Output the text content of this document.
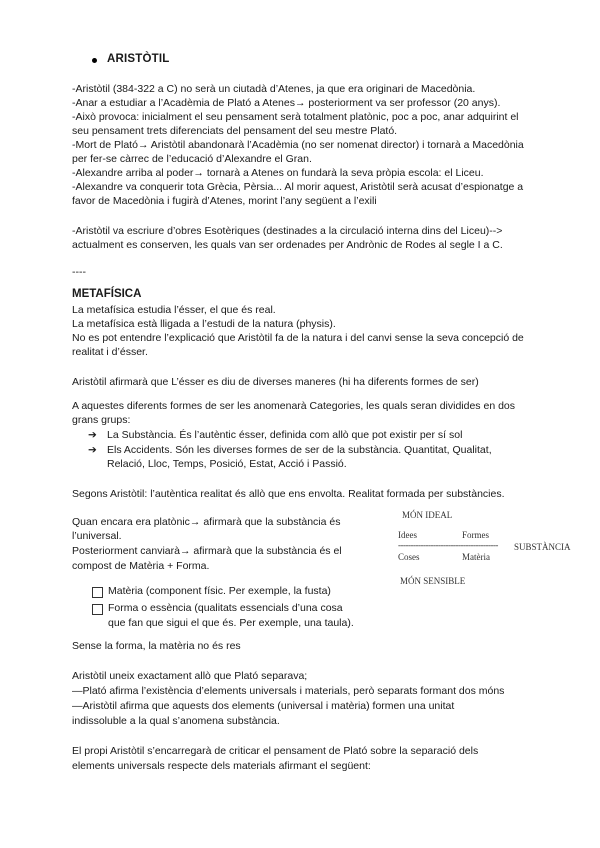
ARISTÒTIL
-Aristòtil (384-322 a C) no serà un ciutadà d’Atenes, ja que era originari de Macedònia.
-Anar a estudiar a l’Acadèmia de Plató a Atenes→ posteriorment va ser professor (20 anys).
-Això provoca: inicialment el seu pensament serà totalment platònic, poc a poc, anar adquirint el
seu pensament trets diferenciats del pensament del seu mestre Plató.
-Mort de Plató→ Aristòtil abandonarà l’Acadèmia (no ser nomenat director) i tornarà a Macedònia
per fer-se càrrec de l’educació d’Alexandre el Gran.
-Alexandre arriba al poder→ tornarà a Atenes on fundarà la seva pròpia escola: el Liceu.
-Alexandre va conquerir tota Grècia, Pèrsia... Al morir aquest, Aristòtil serà acusat d’espionatge a
favor de Macedònia i fugirà d’Atenes, morint l’any següent a l’exili
-Aristòtil va escriure d’obres Esotèriques (destinades a la circulació interna dins del Liceu)-->
actualment es conserven, les quals van ser ordenades per Andrònic de Rodes al segle I a C.
----
METAFÍSICA
La metafísica estudia l’ésser, el que és real.
La metafísica està lligada a l’estudi de la natura (physis).
No es pot entendre l’explicació que Aristòtil fa de la natura i del canvi sense la seva concepció de
realitat i d’ésser.
Aristòtil afirmarà que L’ésser es diu de diverses maneres (hi ha diferents formes de ser)
A aquestes diferents formes de ser les anomenarà Categories, les quals seran dividides en dos
grans grups:
➔ La Substància. És l’autèntic ésser, definida com allò que pot existir per sí sol
➔ Els Accidents. Són les diverses formes de ser de la substància. Quantitat, Qualitat,
Relació, Lloc, Temps, Posició, Estat, Acció i Passió.
Segons Aristòtil: l’autèntica realitat és allò que ens envolta. Realitat formada per substàncies.
Quan encara era platònic→ afirmarà que la substància és
l’universal.
Posteriorment canviarà→ afirmarà que la substància és el
compost de Matèria + Forma.
Matèria (component físic. Per exemple, la fusta)
Forma o essència (qualitats essencials d’una cosa
que fan que sigui el que és. Per exemple, una taula).
Sense la forma, la matèria no és res
Aristòtil uneix exactament allò que Plató separava;
—Plató afirma l’existència d’elements universals i materials, però separats formant dos móns
—Aristòtil afirma que aquests dos elements (universal i matèria) formen una unitat
indissoluble a la qual s’anomena substància.
El propi Aristòtil s’encarregarà de criticar el pensament de Plató sobre la separació dels
elements universals respecte dels materials afirmant el següent:
MÓN IDEAL
Idees	Formes
---------------------------------------- SUBSTÀNCIA
Coses	Matèria
MÓN SENSIBLE
